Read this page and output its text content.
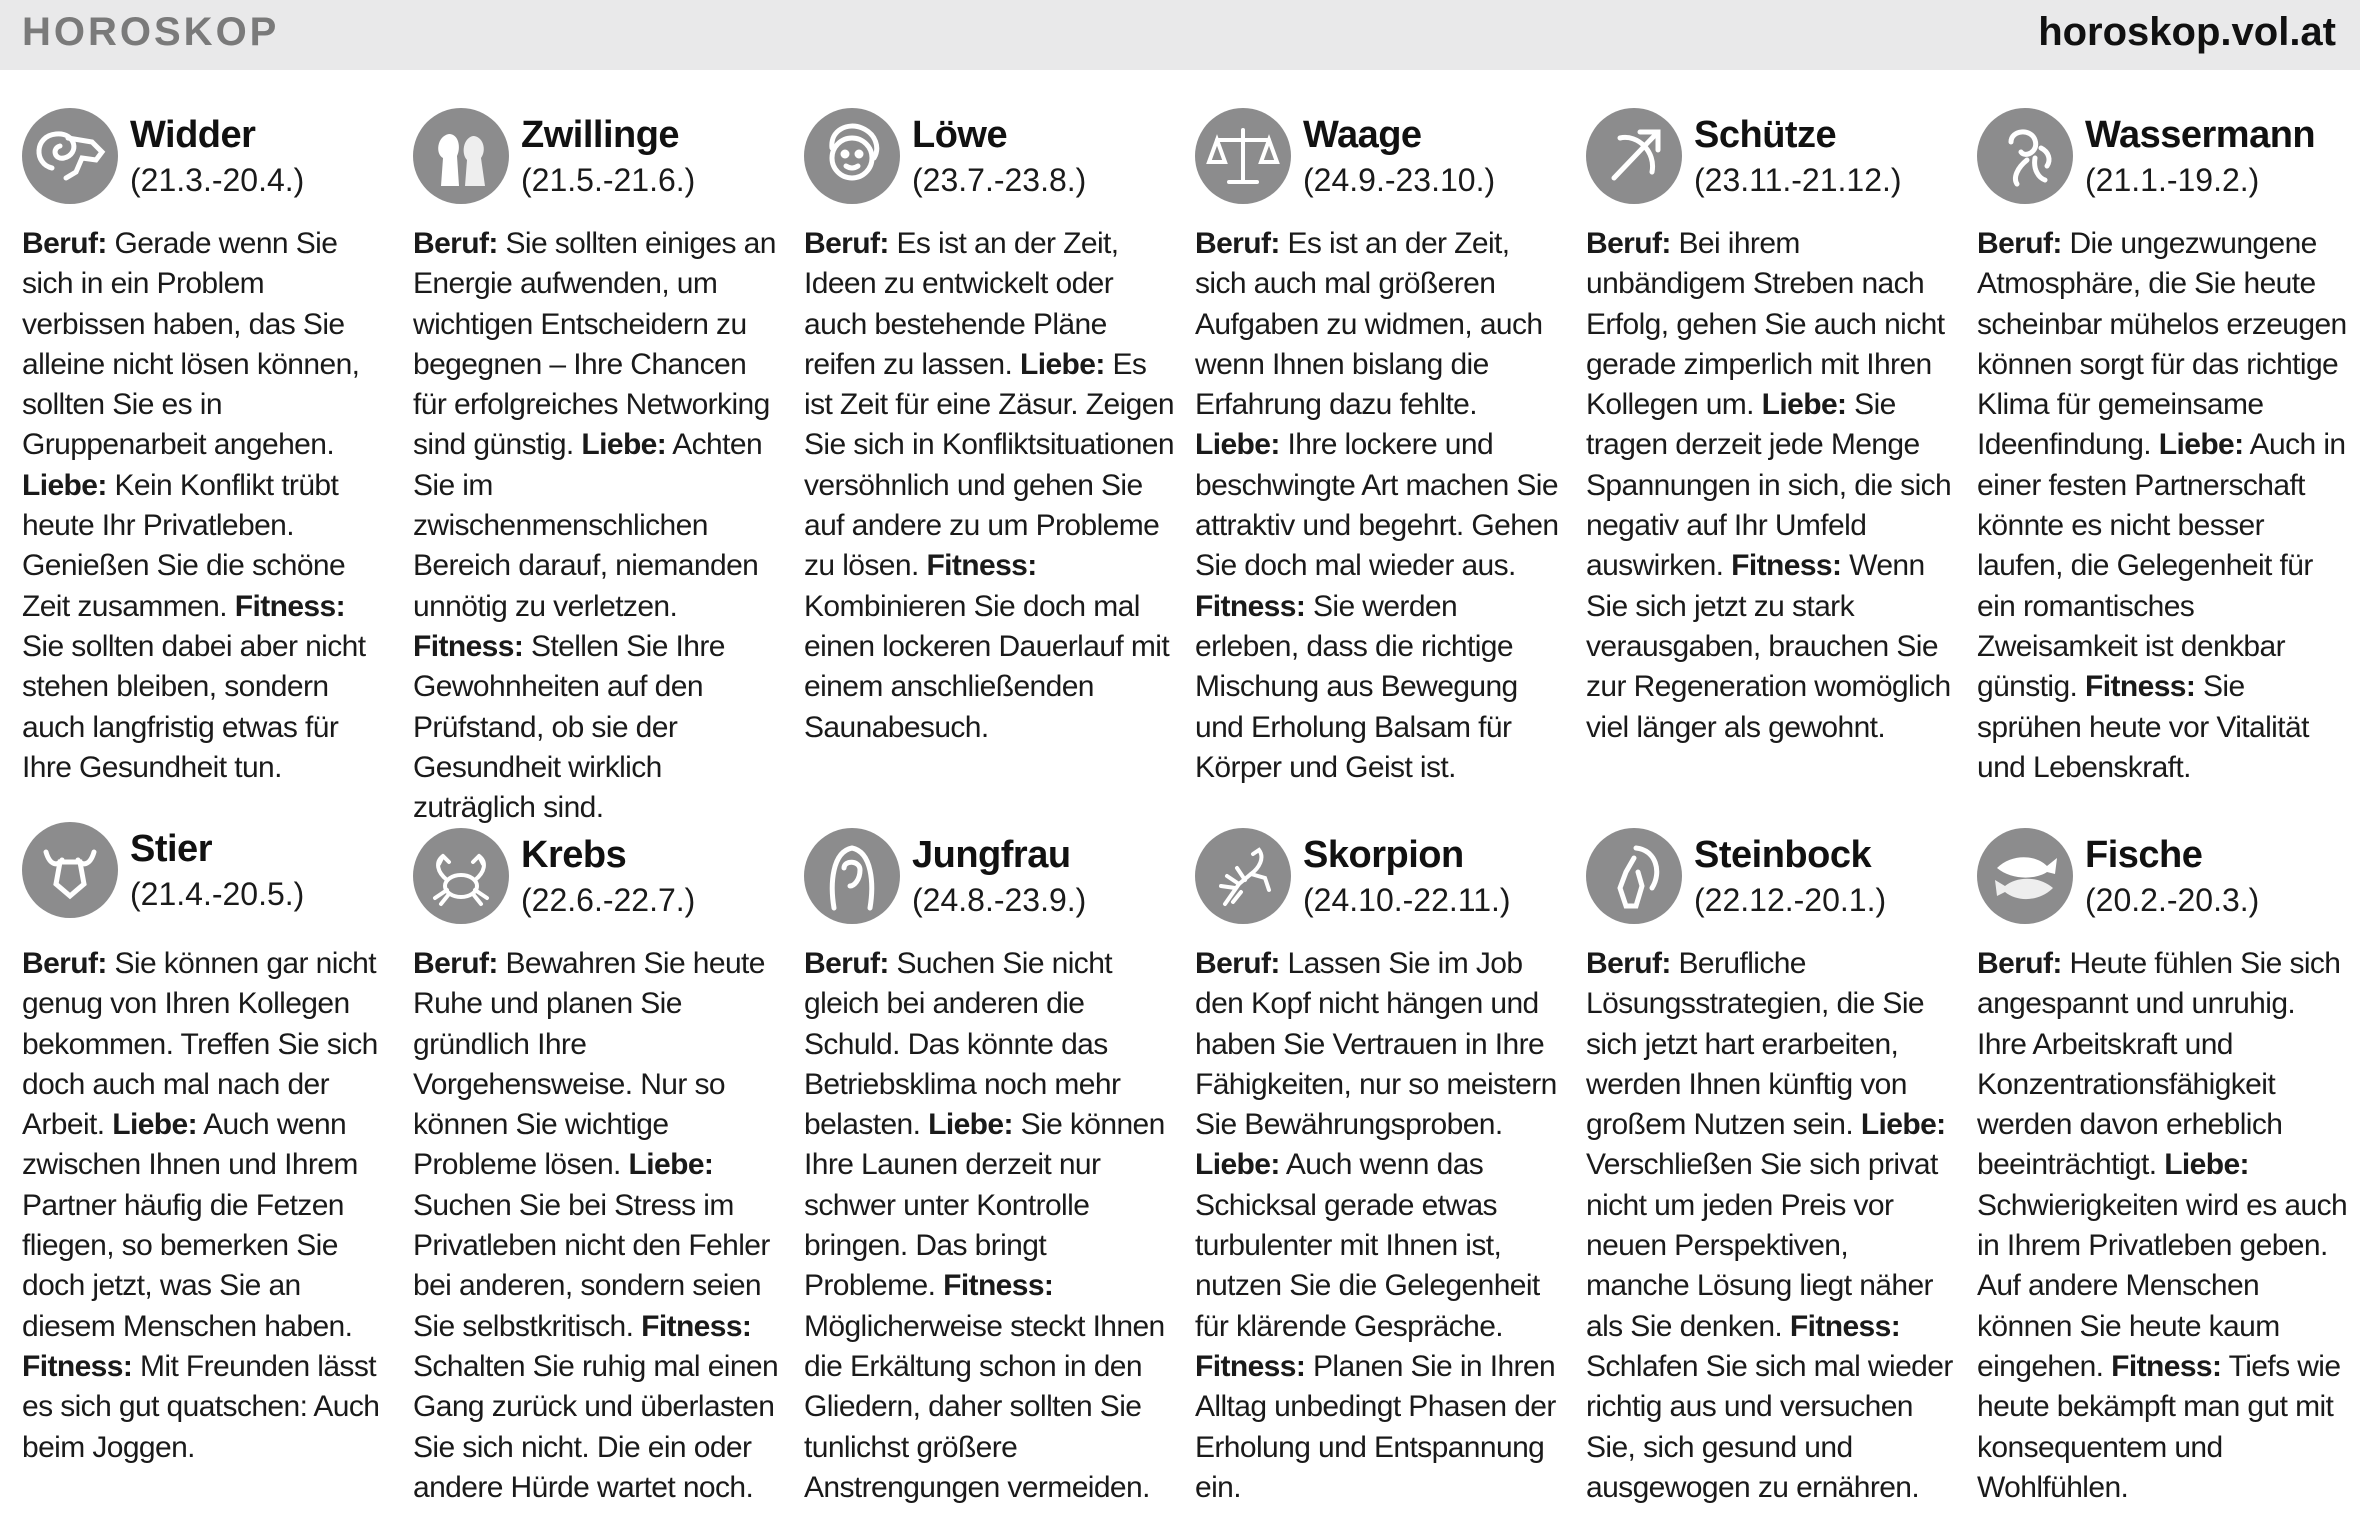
HOROSKOP	horoskop.vol.at
Widder
(21.3.-20.4.)
Beruf: Gerade wenn Sie sich in ein Problem verbissen haben, das Sie alleine nicht lösen können, sollten Sie es in Gruppenarbeit angehen. Liebe: Kein Konflikt trübt heute Ihr Privatleben. Genießen Sie die schöne Zeit zusammen. Fitness: Sie sollten dabei aber nicht stehen bleiben, sondern auch langfristig etwas für Ihre Gesundheit tun.
Zwillinge
(21.5.-21.6.)
Beruf: Sie sollten einiges an Energie aufwenden, um wichtigen Entscheidern zu begegnen – Ihre Chancen für erfolgreiches Networking sind günstig. Liebe: Achten Sie im zwischenmenschlichen Bereich darauf, niemanden unnötig zu verletzen. Fitness: Stellen Sie Ihre Gewohnheiten auf den Prüfstand, ob sie der Gesundheit wirklich zuträglich sind.
Löwe
(23.7.-23.8.)
Beruf: Es ist an der Zeit, Ideen zu entwickelt oder auch bestehende Pläne reifen zu lassen. Liebe: Es ist Zeit für eine Zäsur. Zeigen Sie sich in Konfliktsituationen versöhnlich und gehen Sie auf andere zu um Probleme zu lösen. Fitness: Kombinieren Sie doch mal einen lockeren Dauerlauf mit einem anschließenden Saunabesuch.
Waage
(24.9.-23.10.)
Beruf: Es ist an der Zeit, sich auch mal größeren Aufgaben zu widmen, auch wenn Ihnen bislang die Erfahrung dazu fehlte. Liebe: Ihre lockere und beschwingte Art machen Sie attraktiv und begehrt. Gehen Sie doch mal wieder aus. Fitness: Sie werden erleben, dass die richtige Mischung aus Bewegung und Erholung Balsam für Körper und Geist ist.
Schütze
(23.11.-21.12.)
Beruf: Bei ihrem unbändigem Streben nach Erfolg, gehen Sie auch nicht gerade zimperlich mit Ihren Kollegen um. Liebe: Sie tragen derzeit jede Menge Spannungen in sich, die sich negativ auf Ihr Umfeld auswirken. Fitness: Wenn Sie sich jetzt zu stark verausgaben, brauchen Sie zur Regeneration womöglich viel länger als gewohnt.
Wassermann
(21.1.-19.2.)
Beruf: Die ungezwungene Atmosphäre, die Sie heute scheinbar mühelos erzeugen können sorgt für das richtige Klima für gemeinsame Ideenfindung. Liebe: Auch in einer festen Partnerschaft könnte es nicht besser laufen, die Gelegenheit für ein romantisches Zweisamkeit ist denkbar günstig. Fitness: Sie sprühen heute vor Vitalität und Lebenskraft.
Stier
(21.4.-20.5.)
Beruf: Sie können gar nicht genug von Ihren Kollegen bekommen. Treffen Sie sich doch auch mal nach der Arbeit. Liebe: Auch wenn zwischen Ihnen und Ihrem Partner häufig die Fetzen fliegen, so bemerken Sie doch jetzt, was Sie an diesem Menschen haben. Fitness: Mit Freunden lässt es sich gut quatschen: Auch beim Joggen.
Krebs
(22.6.-22.7.)
Beruf: Bewahren Sie heute Ruhe und planen Sie gründlich Ihre Vorgehensweise. Nur so können Sie wichtige Probleme lösen. Liebe: Suchen Sie bei Stress im Privatleben nicht den Fehler bei anderen, sondern seien Sie selbstkritisch. Fitness: Schalten Sie ruhig mal einen Gang zurück und überlasten Sie sich nicht. Die ein oder andere Hürde wartet noch.
Jungfrau
(24.8.-23.9.)
Beruf: Suchen Sie nicht gleich bei anderen die Schuld. Das könnte das Betriebsklima noch mehr belasten. Liebe: Sie können Ihre Launen derzeit nur schwer unter Kontrolle bringen. Das bringt Probleme. Fitness: Möglicherweise steckt Ihnen die Erkältung schon in den Gliedern, daher sollten Sie tunlichst größere Anstrengungen vermeiden.
Skorpion
(24.10.-22.11.)
Beruf: Lassen Sie im Job den Kopf nicht hängen und haben Sie Vertrauen in Ihre Fähigkeiten, nur so meistern Sie Bewährungsproben. Liebe: Auch wenn das Schicksal gerade etwas turbulenter mit Ihnen ist, nutzen Sie die Gelegenheit für klärende Gespräche. Fitness: Planen Sie in Ihren Alltag unbedingt Phasen der Erholung und Entspannung ein.
Steinbock
(22.12.-20.1.)
Beruf: Berufliche Lösungsstrategien, die Sie sich jetzt hart erarbeiten, werden Ihnen künftig von großem Nutzen sein. Liebe: Verschließen Sie sich privat nicht um jeden Preis vor neuen Perspektiven, manche Lösung liegt näher als Sie denken. Fitness: Schlafen Sie sich mal wieder richtig aus und versuchen Sie, sich gesund und ausgewogen zu ernähren.
Fische
(20.2.-20.3.)
Beruf: Heute fühlen Sie sich angespannt und unruhig. Ihre Arbeitskraft und Konzentrationsfähigkeit werden davon erheblich beeinträchtigt. Liebe: Schwierigkeiten wird es auch in Ihrem Privatleben geben. Auf andere Menschen können Sie heute kaum eingehen. Fitness: Tiefs wie heute bekämpft man gut mit konsequentem und Wohlfühlen.
